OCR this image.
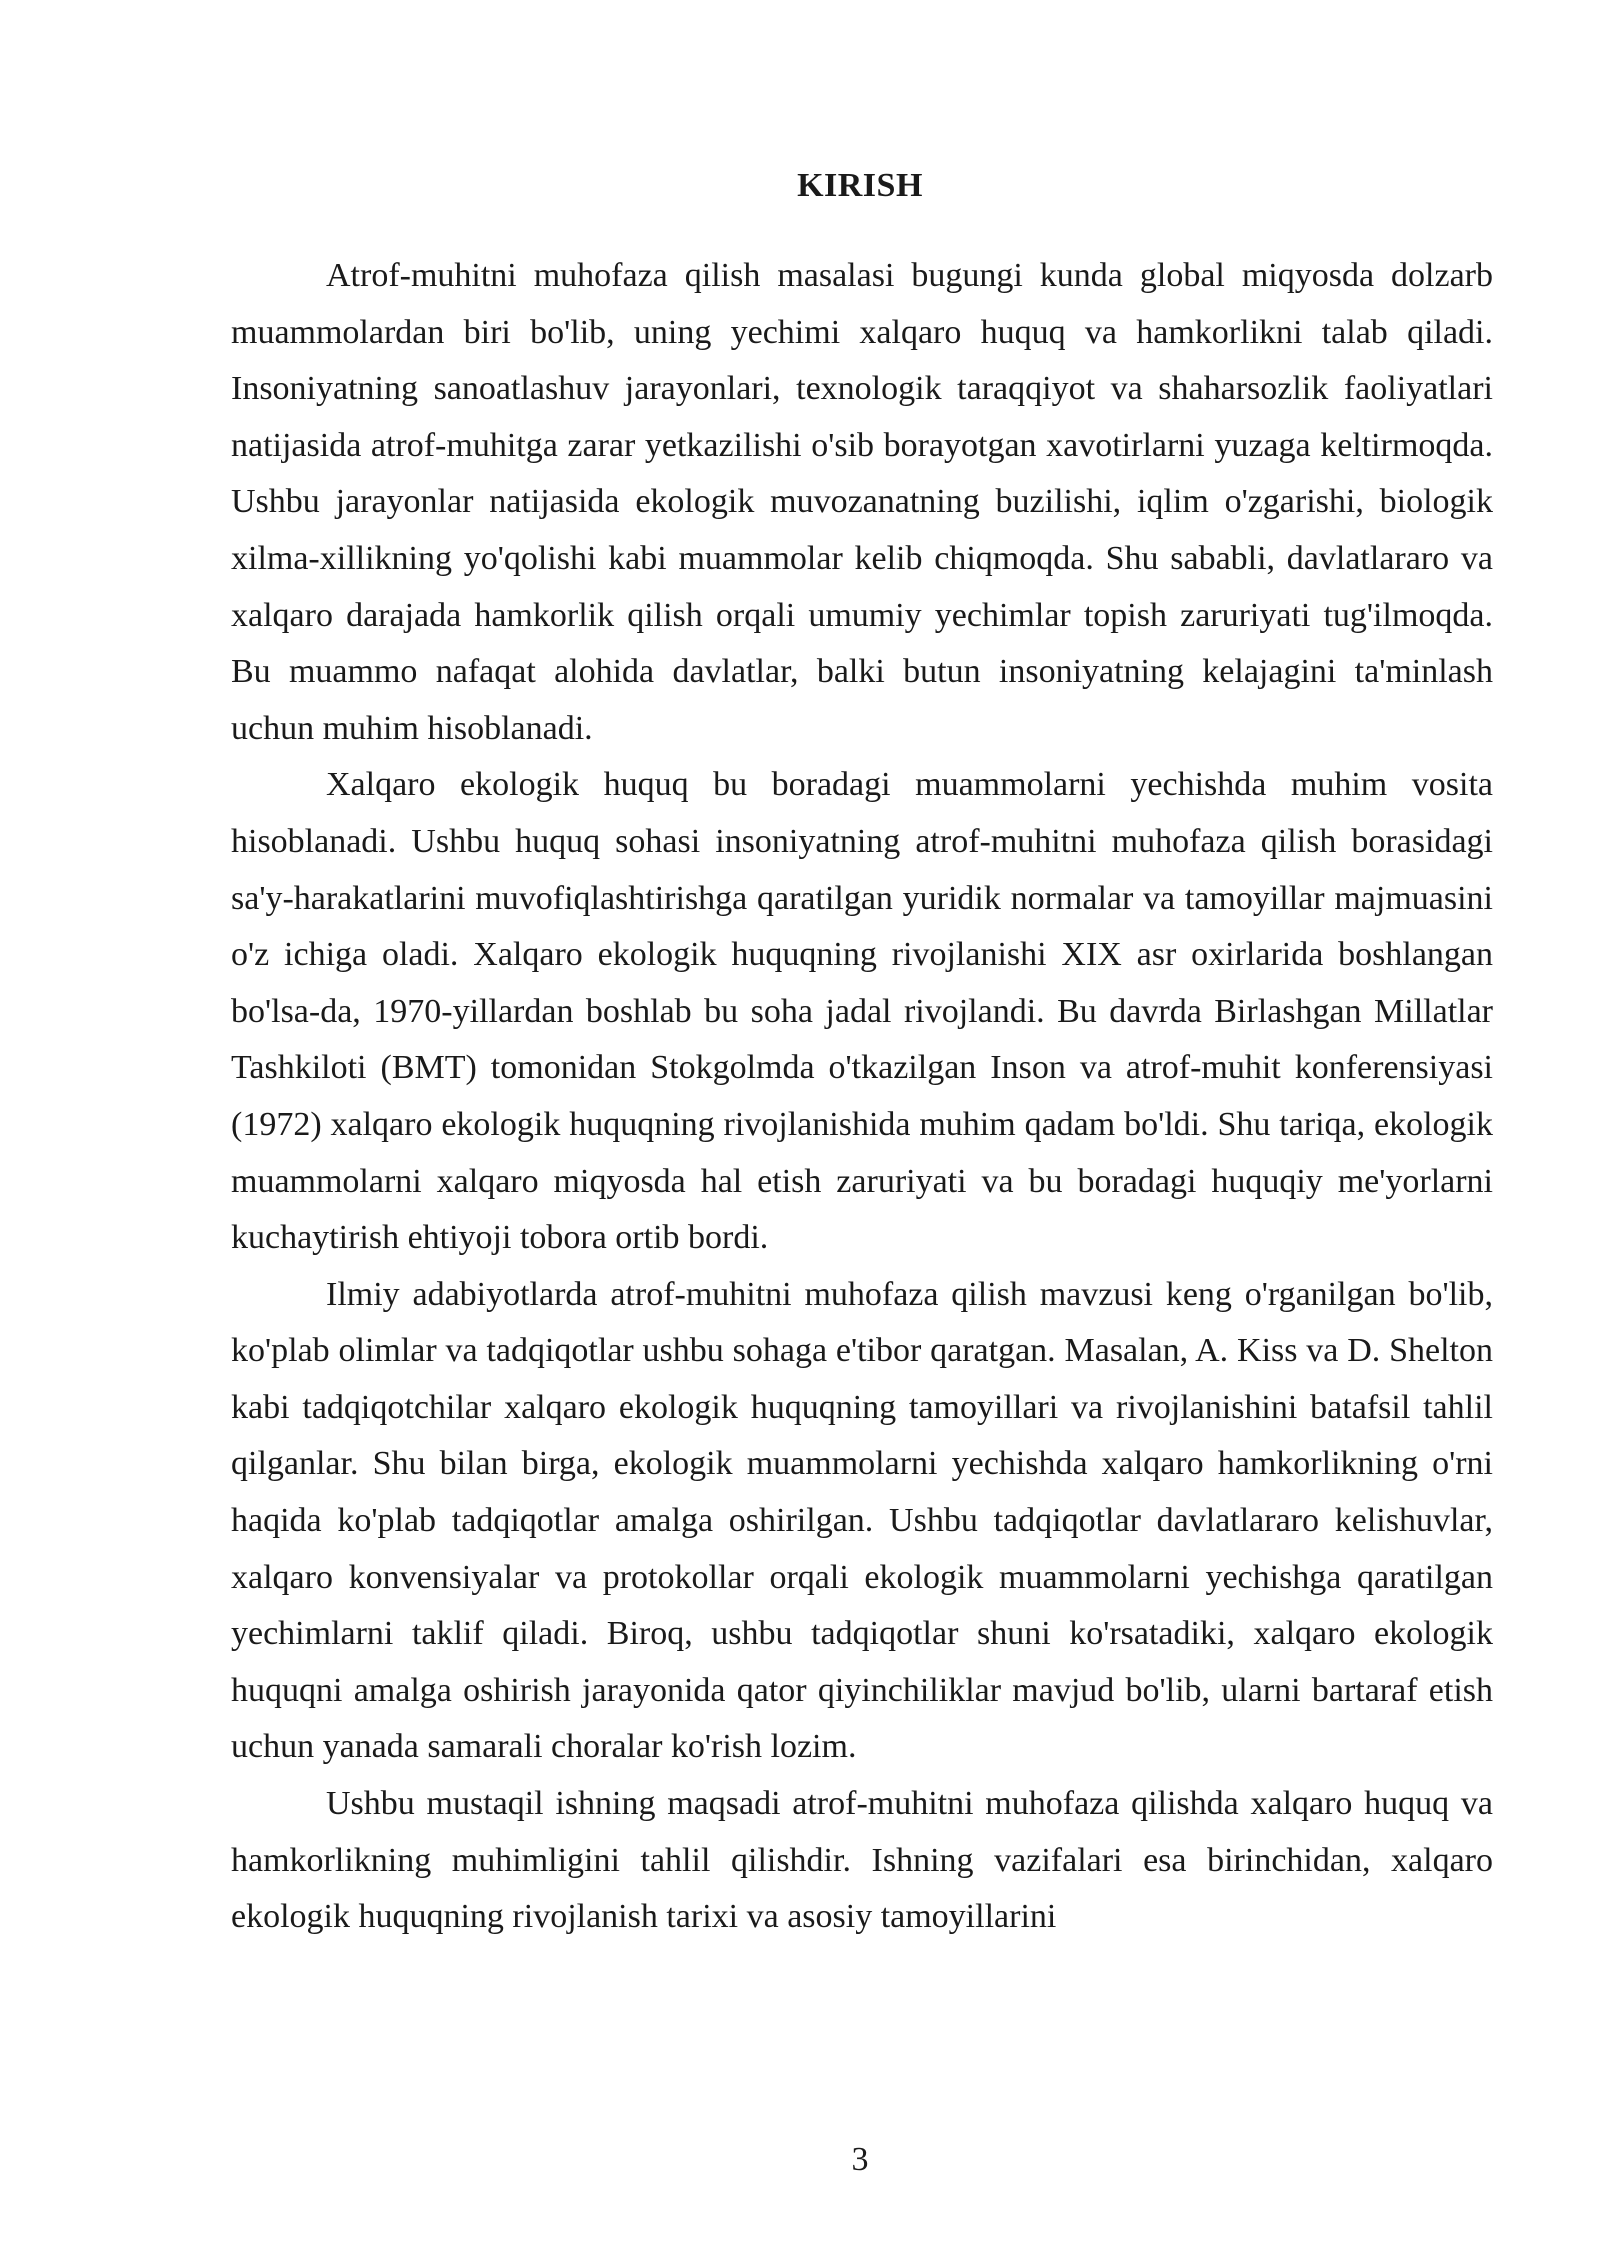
KIRISH

Atrof-muhitni muhofaza qilish masalasi bugungi kunda global miqyosda dolzarb muammolardan biri bo'lib, uning yechimi xalqaro huquq va hamkorlikni talab qiladi. Insoniyatning sanoatlashuv jarayonlari, texnologik taraqqiyot va shaharsozlik faoliyatlari natijasida atrof-muhitga zarar yetkazilishi o'sib borayotgan xavotirlarni yuzaga keltirmoqda. Ushbu jarayonlar natijasida ekologik muvozanatning buzilishi, iqlim o'zgarishi, biologik xilma-xillikning yo'qolishi kabi muammolar kelib chiqmoqda. Shu sababli, davlatlararo va xalqaro darajada hamkorlik qilish orqali umumiy yechimlar topish zaruriyati tug'ilmoqda. Bu muammo nafaqat alohida davlatlar, balki butun insoniyatning kelajagini ta'minlash uchun muhim hisoblanadi.

Xalqaro ekologik huquq bu boradagi muammolarni yechishda muhim vosita hisoblanadi. Ushbu huquq sohasi insoniyatning atrof-muhitni muhofaza qilish borasidagi sa'y-harakatlarini muvofiqlashtirishga qaratilgan yuridik normalar va tamoyillar majmuasini o'z ichiga oladi. Xalqaro ekologik huquqning rivojlanishi XIX asr oxirlarida boshlangan bo'lsa-da, 1970-yillardan boshlab bu soha jadal rivojlandi. Bu davrda Birlashgan Millatlar Tashkiloti (BMT) tomonidan Stokgolmda o'tkazilgan Inson va atrof-muhit konferensiyasi (1972) xalqaro ekologik huquqning rivojlanishida muhim qadam bo'ldi. Shu tariqa, ekologik muammolarni xalqaro miqyosda hal etish zaruriyati va bu boradagi huquqiy me'yorlarni kuchaytirish ehtiyoji tobora ortib bordi.

Ilmiy adabiyotlarda atrof-muhitni muhofaza qilish mavzusi keng o'rganilgan bo'lib, ko'plab olimlar va tadqiqotlar ushbu sohaga e'tibor qaratgan. Masalan, A. Kiss va D. Shelton kabi tadqiqotchilar xalqaro ekologik huquqning tamoyillari va rivojlanishini batafsil tahlil qilganlar. Shu bilan birga, ekologik muammolarni yechishda xalqaro hamkorlikning o'rni haqida ko'plab tadqiqotlar amalga oshirilgan. Ushbu tadqiqotlar davlatlararo kelishuvlar, xalqaro konvensiyalar va protokollar orqali ekologik muammolarni yechishga qaratilgan yechimlarni taklif qiladi. Biroq, ushbu tadqiqotlar shuni ko'rsatadiki, xalqaro ekologik huquqni amalga oshirish jarayonida qator qiyinchiliklar mavjud bo'lib, ularni bartaraf etish uchun yanada samarali choralar ko'rish lozim.

Ushbu mustaqil ishning maqsadi atrof-muhitni muhofaza qilishda xalqaro huquq va hamkorlikning muhimligini tahlil qilishdir. Ishning vazifalari esa birinchidan, xalqaro ekologik huquqning rivojlanish tarixi va asosiy tamoyillarini

3
